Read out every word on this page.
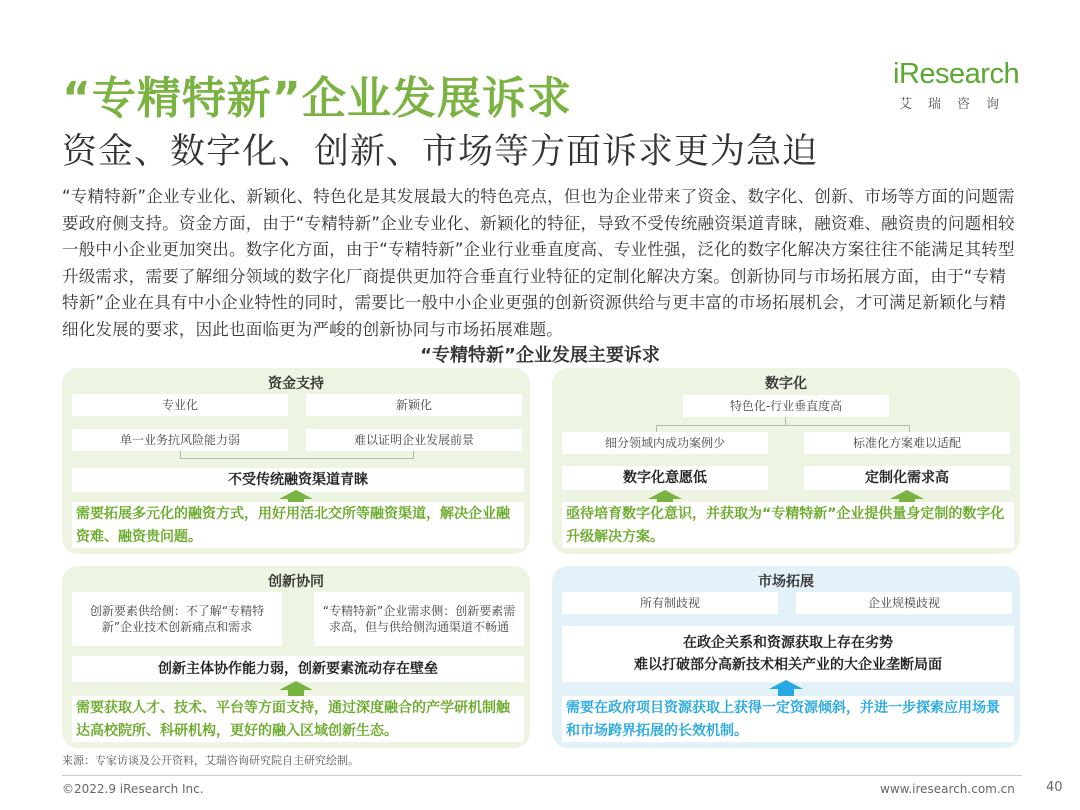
“专精特新”企业发展诉求
资金、数字化、创新、市场等方面诉求更为急迫
iResearch
艾瑞咨询
“专精特新”企业专业化、新颖化、特色化是其发展最大的特色亮点，但也为企业带来了资金、数字化、创新、市场等方面的问题需要政府侧支持。资金方面，由于“专精特新”企业专业化、新颖化的特征，导致不受传统融资渠道青睐，融资难、融资贵的问题相较一般中小企业更加突出。数字化方面，由于“专精特新”企业行业垂直度高、专业性强，泛化的数字化解决方案往往不能满足其转型升级需求，需要了解细分领域的数字化厂商提供更加符合垂直行业特征的定制化解决方案。创新协同与市场拓展方面，由于“专精特新”企业在具有中小企业特性的同时，需要比一般中小企业更强的创新资源供给与更丰富的市场拓展机会，才可满足新颖化与精细化发展的要求，因此也面临更为严峻的创新协同与市场拓展难题。
“专精特新”企业发展主要诉求
资金支持
专业化	新颖化
单一业务抗风险能力弱	难以证明企业发展前景
不受传统融资渠道青睐
需要拓展多元化的融资方式，用好用活北交所等融资渠道，解决企业融资难、融资贵问题。
数字化
特色化-行业垂直度高
细分领域内成功案例少	标准化方案难以适配
数字化意愿低	定制化需求高
亟待培育数字化意识，并获取为“专精特新”企业提供量身定制的数字化升级解决方案。
创新协同
创新要素供给侧：不了解“专精特新”企业技术创新痛点和需求
“专精特新”企业需求侧：创新要素需求高，但与供给侧沟通渠道不畅通
创新主体协作能力弱，创新要素流动存在壁垒
需要获取人才、技术、平台等方面支持，通过深度融合的产学研机制触达高校院所、科研机构，更好的融入区域创新生态。
市场拓展
所有制歧视	企业规模歧视
在政企关系和资源获取上存在劣势
难以打破部分高新技术相关产业的大企业垄断局面
需要在政府项目资源获取上获得一定资源倾斜，并进一步探索应用场景和市场跨界拓展的长效机制。
来源：专家访谈及公开资料，艾瑞咨询研究院自主研究绘制。
©2022.9 iResearch Inc.	www.iresearch.com.cn 40
